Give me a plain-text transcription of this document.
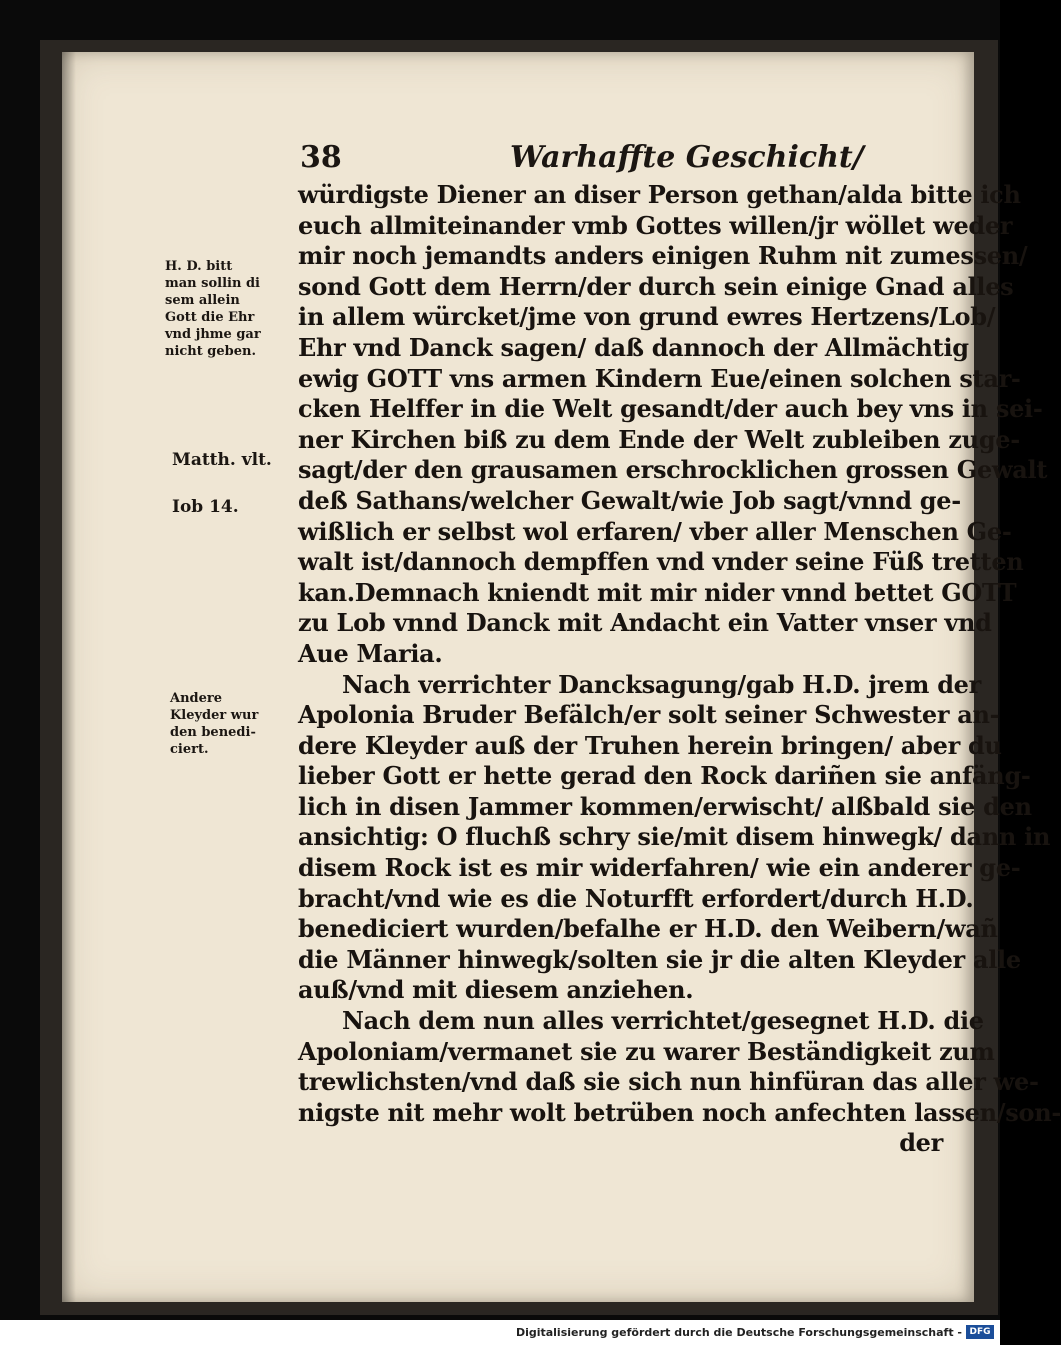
38	Warhaffte Geschicht/
würdigste Diener an diser Person gethan/alda bitte ich
euch allmiteinander vmb Gottes willen/jr wöllet weder
mir noch jemandts anders einigen Ruhm nit zumessen/
sond Gott dem Herrn/der durch sein einige Gnad alles
in allem würcket/jme von grund ewres Hertzens/Lob/
Ehr vnd Danck sagen/ daß dannoch der Allmächtig
ewig GOTT vns armen Kindern Eue/einen solchen star-
cken Helffer in die Welt gesandt/der auch bey vns in sei-
ner Kirchen biß zu dem Ende der Welt zubleiben zuge-
sagt/der den grausamen erschrocklichen grossen Gewalt
deß Sathans/welcher Gewalt/wie Job sagt/vnnd ge-
wißlich er selbst wol erfaren/ vber aller Menschen Ge-
walt ist/dannoch dempffen vnd vnder seine Füß tretten
kan.Demnach kniendt mit mir nider vnnd bettet GOTT
zu Lob vnnd Danck mit Andacht ein Vatter vnser vnd
Aue Maria.
Nach verrichter Dancksagung/gab H.D. jrem der
Apolonia Bruder Befälch/er solt seiner Schwester an-
dere Kleyder auß der Truhen herein bringen/ aber du
lieber Gott er hette gerad den Rock dariñen sie anfäng-
lich in disen Jammer kommen/erwischt/ alßbald sie den
ansichtig: O fluchß schry sie/mit disem hinwegk/ dann in
disem Rock ist es mir widerfahren/ wie ein anderer ge-
bracht/vnd wie es die Noturfft erfordert/durch H.D.
benediciert wurden/befalhe er H.D. den Weibern/wañ
die Männer hinwegk/solten sie jr die alten Kleyder alle
auß/vnd mit diesem anziehen.
Nach dem nun alles verrichtet/gesegnet H.D. die
Apoloniam/vermanet sie zu warer Beständigkeit zum
trewlichsten/vnd daß sie sich nun hinfüran das aller we-
nigste nit mehr wolt betrüben noch anfechten lassen/son-
der
H. D. bitt
man sollin di
sem allein
Gott die Ehr
vnd jhme gar
nicht geben.
Matth. vlt.
Iob 14.
Andere
Kleyder wur
den benedi-
ciert.
Digitalisierung gefördert durch die Deutsche Forschungsgemeinschaft - DFG
